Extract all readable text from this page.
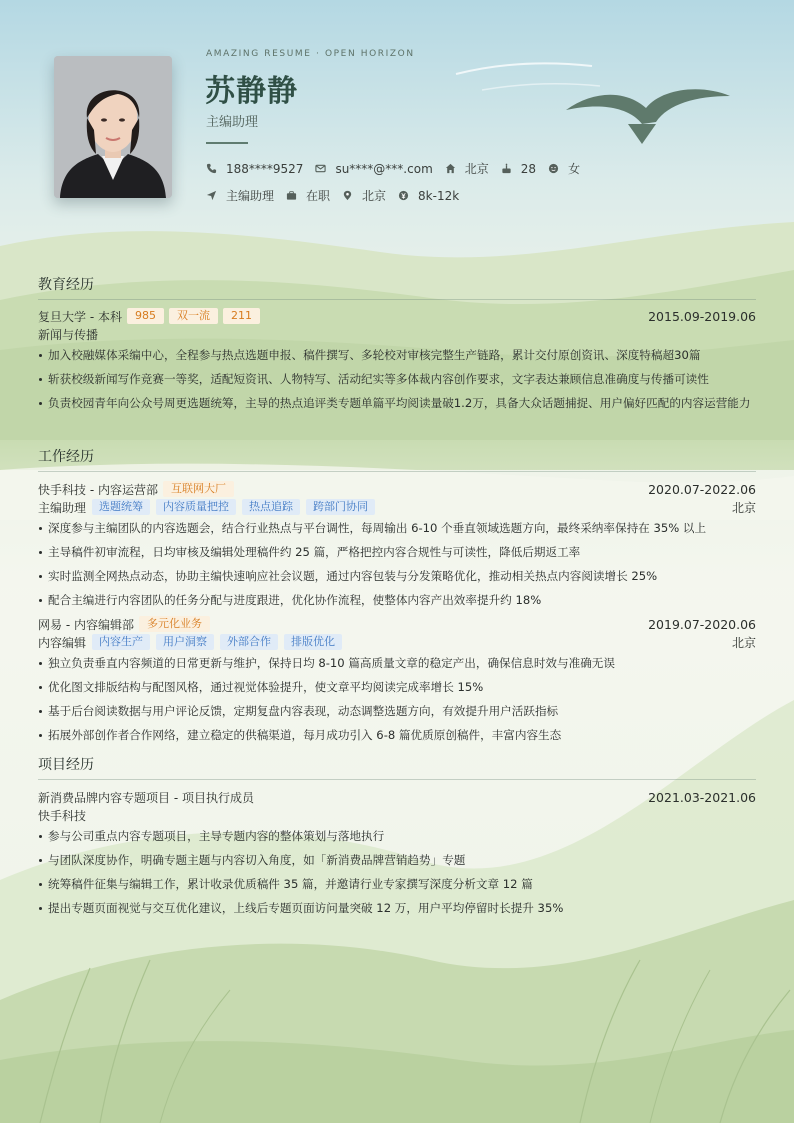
AMAZING RESUME · OPEN HORIZON
苏静静
主编助理
188****9527	su****@***.com	北京	28	女
主编助理	在职	北京	8k-12k
教育经历
复旦大学 - 本科	985	双一流	211	2015.09-2019.06
新闻与传播
加入校融媒体采编中心，全程参与热点选题申报、稿件撰写、多轮校对审核完整生产链路，累计交付原创资讯、深度特稿超30篇
斩获校级新闻写作竞赛一等奖，适配短资讯、人物特写、活动纪实等多体裁内容创作要求，文字表达兼顾信息准确度与传播可读性
负责校园青年向公众号周更选题统筹，主导的热点追评类专题单篇平均阅读量破1.2万，具备大众话题捕捉、用户偏好匹配的内容运营能力
工作经历
快手科技 - 内容运营部	互联网大厂	2020.07-2022.06
主编助理	选题统筹	内容质量把控	热点追踪	跨部门协同	北京
深度参与主编团队的内容选题会，结合行业热点与平台调性，每周输出 6-10 个垂直领域选题方向，最终采纳率保持在 35% 以上
主导稿件初审流程，日均审核及编辑处理稿件约 25 篇，严格把控内容合规性与可读性，降低后期返工率
实时监测全网热点动态，协助主编快速响应社会议题，通过内容包装与分发策略优化，推动相关热点内容阅读增长 25%
配合主编进行内容团队的任务分配与进度跟进，优化协作流程，使整体内容产出效率提升约 18%
网易 - 内容编辑部	多元化业务	2019.07-2020.06
内容编辑	内容生产	用户洞察	外部合作	排版优化	北京
独立负责垂直内容频道的日常更新与维护，保持日均 8-10 篇高质量文章的稳定产出，确保信息时效与准确无误
优化图文排版结构与配图风格，通过视觉体验提升，使文章平均阅读完成率增长 15%
基于后台阅读数据与用户评论反馈，定期复盘内容表现，动态调整选题方向，有效提升用户活跃指标
拓展外部创作者合作网络，建立稳定的供稿渠道，每月成功引入 6-8 篇优质原创稿件，丰富内容生态
项目经历
新消费品牌内容专题项目 - 项目执行成员	2021.03-2021.06
快手科技
参与公司重点内容专题项目，主导专题内容的整体策划与落地执行
与团队深度协作，明确专题主题与内容切入角度，如「新消费品牌营销趋势」专题
统筹稿件征集与编辑工作，累计收录优质稿件 35 篇，并邀请行业专家撰写深度分析文章 12 篇
提出专题页面视觉与交互优化建议，上线后专题页面访问量突破 12 万，用户平均停留时长提升 35%
